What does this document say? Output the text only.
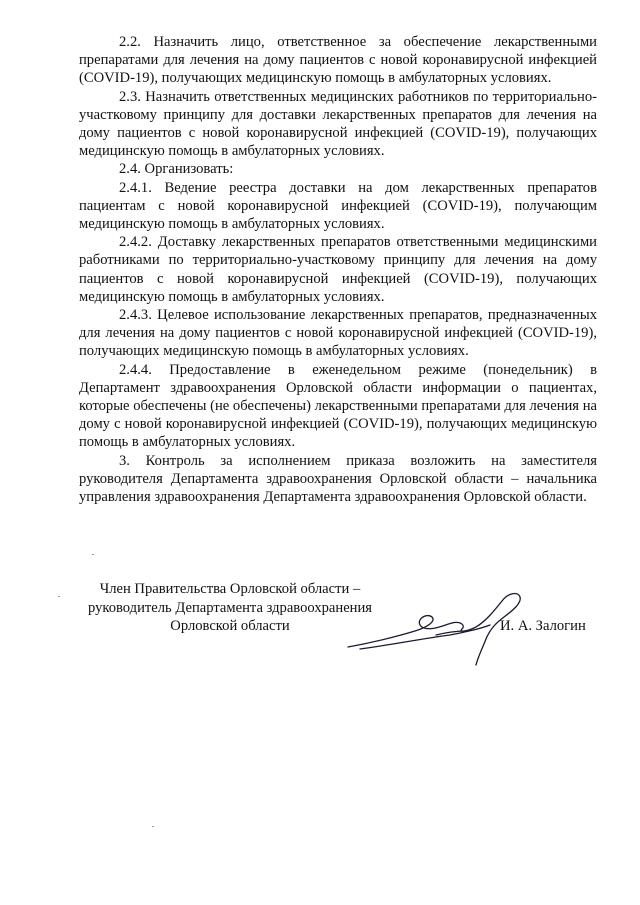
2.2. Назначить лицо, ответственное за обеспечение лекарственными препаратами для лечения на дому пациентов с новой коронавирусной инфекцией (COVID-19), получающих медицинскую помощь в амбулаторных условиях.

2.3. Назначить ответственных медицинских работников по территориально-участковому принципу для доставки лекарственных препаратов для лечения на дому пациентов с новой коронавирусной инфекцией (COVID-19), получающих медицинскую помощь в амбулаторных условиях.

2.4. Организовать:

2.4.1. Ведение реестра доставки на дом лекарственных препаратов пациентам с новой коронавирусной инфекцией (COVID-19), получающим медицинскую помощь в амбулаторных условиях.

2.4.2. Доставку лекарственных препаратов ответственными медицинскими работниками по территориально-участковому принципу для лечения на дому пациентов с новой коронавирусной инфекцией (COVID-19), получающих медицинскую помощь в амбулаторных условиях.

2.4.3. Целевое использование лекарственных препаратов, предназначенных для лечения на дому пациентов с новой коронавирусной инфекцией (COVID-19), получающих медицинскую помощь в амбулаторных условиях.

2.4.4. Предоставление в еженедельном режиме (понедельник) в Департамент здравоохранения Орловской области информации о пациентах, которые обеспечены (не обеспечены) лекарственными препаратами для лечения на дому с новой коронавирусной инфекцией (COVID-19), получающих медицинскую помощь в амбулаторных условиях.

3. Контроль за исполнением приказа возложить на заместителя руководителя Департамента здравоохранения Орловской области – начальника управления здравоохранения Департамента здравоохранения Орловской области.

Член Правительства Орловской области –
руководитель Департамента здравоохранения
Орловской области	И. А. Залогин
